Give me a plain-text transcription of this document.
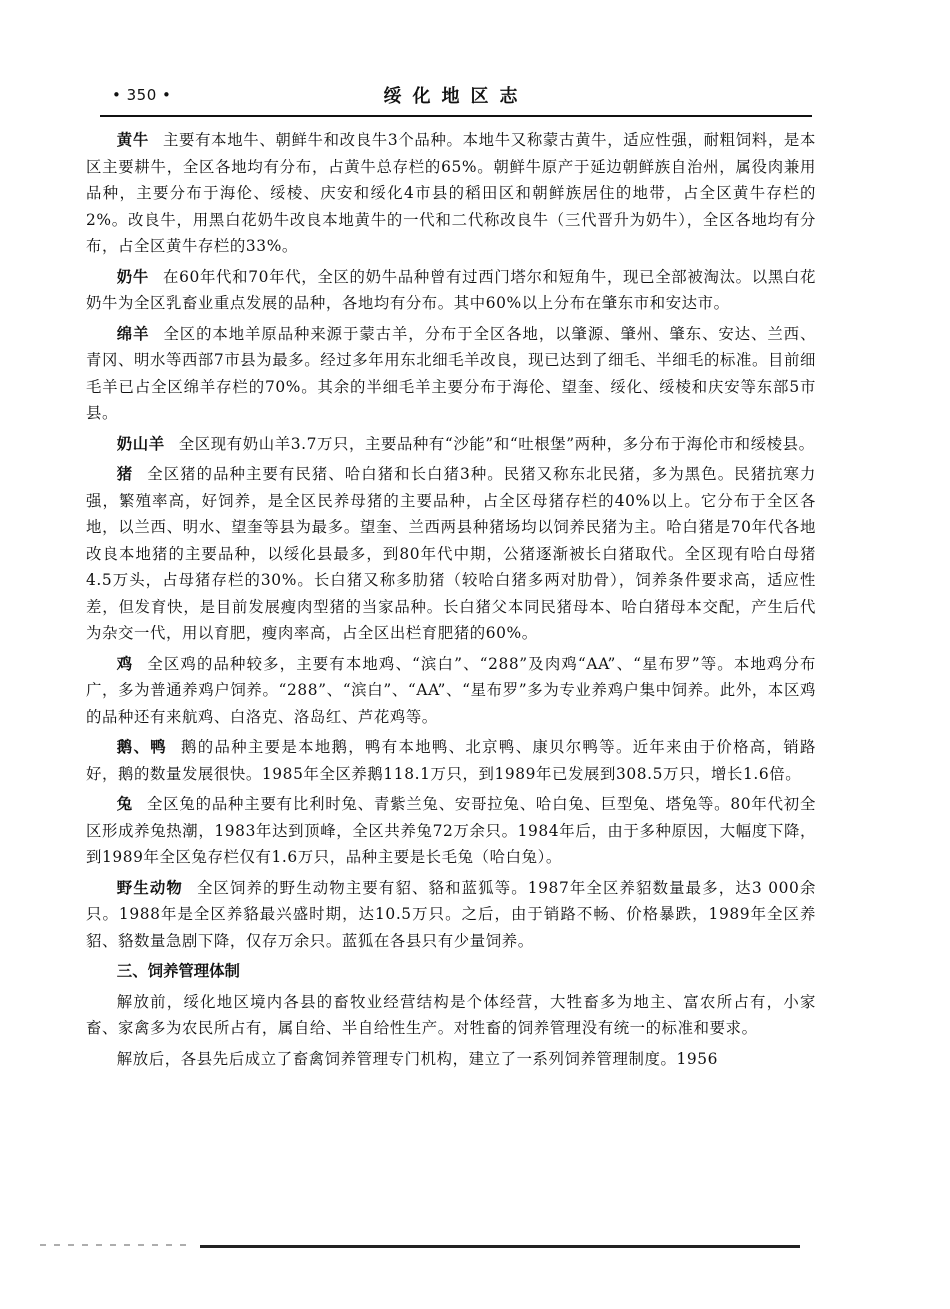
• 350 •	绥化地区志

黄牛 主要有本地牛、朝鲜牛和改良牛3个品种。本地牛又称蒙古黄牛，适应性强，耐粗饲料，是本区主要耕牛，全区各地均有分布，占黄牛总存栏的65%。朝鲜牛原产于延边朝鲜族自治州，属役肉兼用品种，主要分布于海伦、绥棱、庆安和绥化4市县的稻田区和朝鲜族居住的地带，占全区黄牛存栏的2%。改良牛，用黑白花奶牛改良本地黄牛的一代和二代称改良牛（三代晋升为奶牛），全区各地均有分布，占全区黄牛存栏的33%。

奶牛 在60年代和70年代，全区的奶牛品种曾有过西门塔尔和短角牛，现已全部被淘汰。以黑白花奶牛为全区乳畜业重点发展的品种，各地均有分布。其中60%以上分布在肇东市和安达市。

绵羊 全区的本地羊原品种来源于蒙古羊，分布于全区各地，以肇源、肇州、肇东、安达、兰西、青冈、明水等西部7市县为最多。经过多年用东北细毛羊改良，现已达到了细毛、半细毛的标准。目前细毛羊已占全区绵羊存栏的70%。其余的半细毛羊主要分布于海伦、望奎、绥化、绥棱和庆安等东部5市县。

奶山羊 全区现有奶山羊3.7万只，主要品种有“沙能”和“吐根堡”两种，多分布于海伦市和绥棱县。

猪 全区猪的品种主要有民猪、哈白猪和长白猪3种。民猪又称东北民猪，多为黑色。民猪抗寒力强，繁殖率高，好饲养，是全区民养母猪的主要品种，占全区母猪存栏的40%以上。它分布于全区各地，以兰西、明水、望奎等县为最多。望奎、兰西两县种猪场均以饲养民猪为主。哈白猪是70年代各地改良本地猪的主要品种，以绥化县最多，到80年代中期，公猪逐渐被长白猪取代。全区现有哈白母猪4.5万头，占母猪存栏的30%。长白猪又称多肋猪（较哈白猪多两对肋骨），饲养条件要求高，适应性差，但发育快，是目前发展瘦肉型猪的当家品种。长白猪父本同民猪母本、哈白猪母本交配，产生后代为杂交一代，用以育肥，瘦肉率高，占全区出栏育肥猪的60%。

鸡 全区鸡的品种较多，主要有本地鸡、“滨白”、“288”及肉鸡“AA”、“星布罗”等。本地鸡分布广，多为普通养鸡户饲养。“288”、“滨白”、“AA”、“星布罗”多为专业养鸡户集中饲养。此外，本区鸡的品种还有来航鸡、白洛克、洛岛红、芦花鸡等。

鹅、鸭 鹅的品种主要是本地鹅，鸭有本地鸭、北京鸭、康贝尔鸭等。近年来由于价格高，销路好，鹅的数量发展很快。1985年全区养鹅118.1万只，到1989年已发展到308.5万只，增长1.6倍。

兔 全区兔的品种主要有比利时兔、青紫兰兔、安哥拉兔、哈白兔、巨型兔、塔兔等。80年代初全区形成养兔热潮，1983年达到顶峰，全区共养兔72万余只。1984年后，由于多种原因，大幅度下降，到1989年全区兔存栏仅有1.6万只，品种主要是长毛兔（哈白兔）。

野生动物 全区饲养的野生动物主要有貂、貉和蓝狐等。1987年全区养貂数量最多，达3 000余只。1988年是全区养貉最兴盛时期，达10.5万只。之后，由于销路不畅、价格暴跌，1989年全区养貂、貉数量急剧下降，仅存万余只。蓝狐在各县只有少量饲养。

三、饲养管理体制

解放前，绥化地区境内各县的畜牧业经营结构是个体经营，大牲畜多为地主、富农所占有，小家畜、家禽多为农民所占有，属自给、半自给性生产。对牲畜的饲养管理没有统一的标准和要求。

解放后，各县先后成立了畜禽饲养管理专门机构，建立了一系列饲养管理制度。1956
